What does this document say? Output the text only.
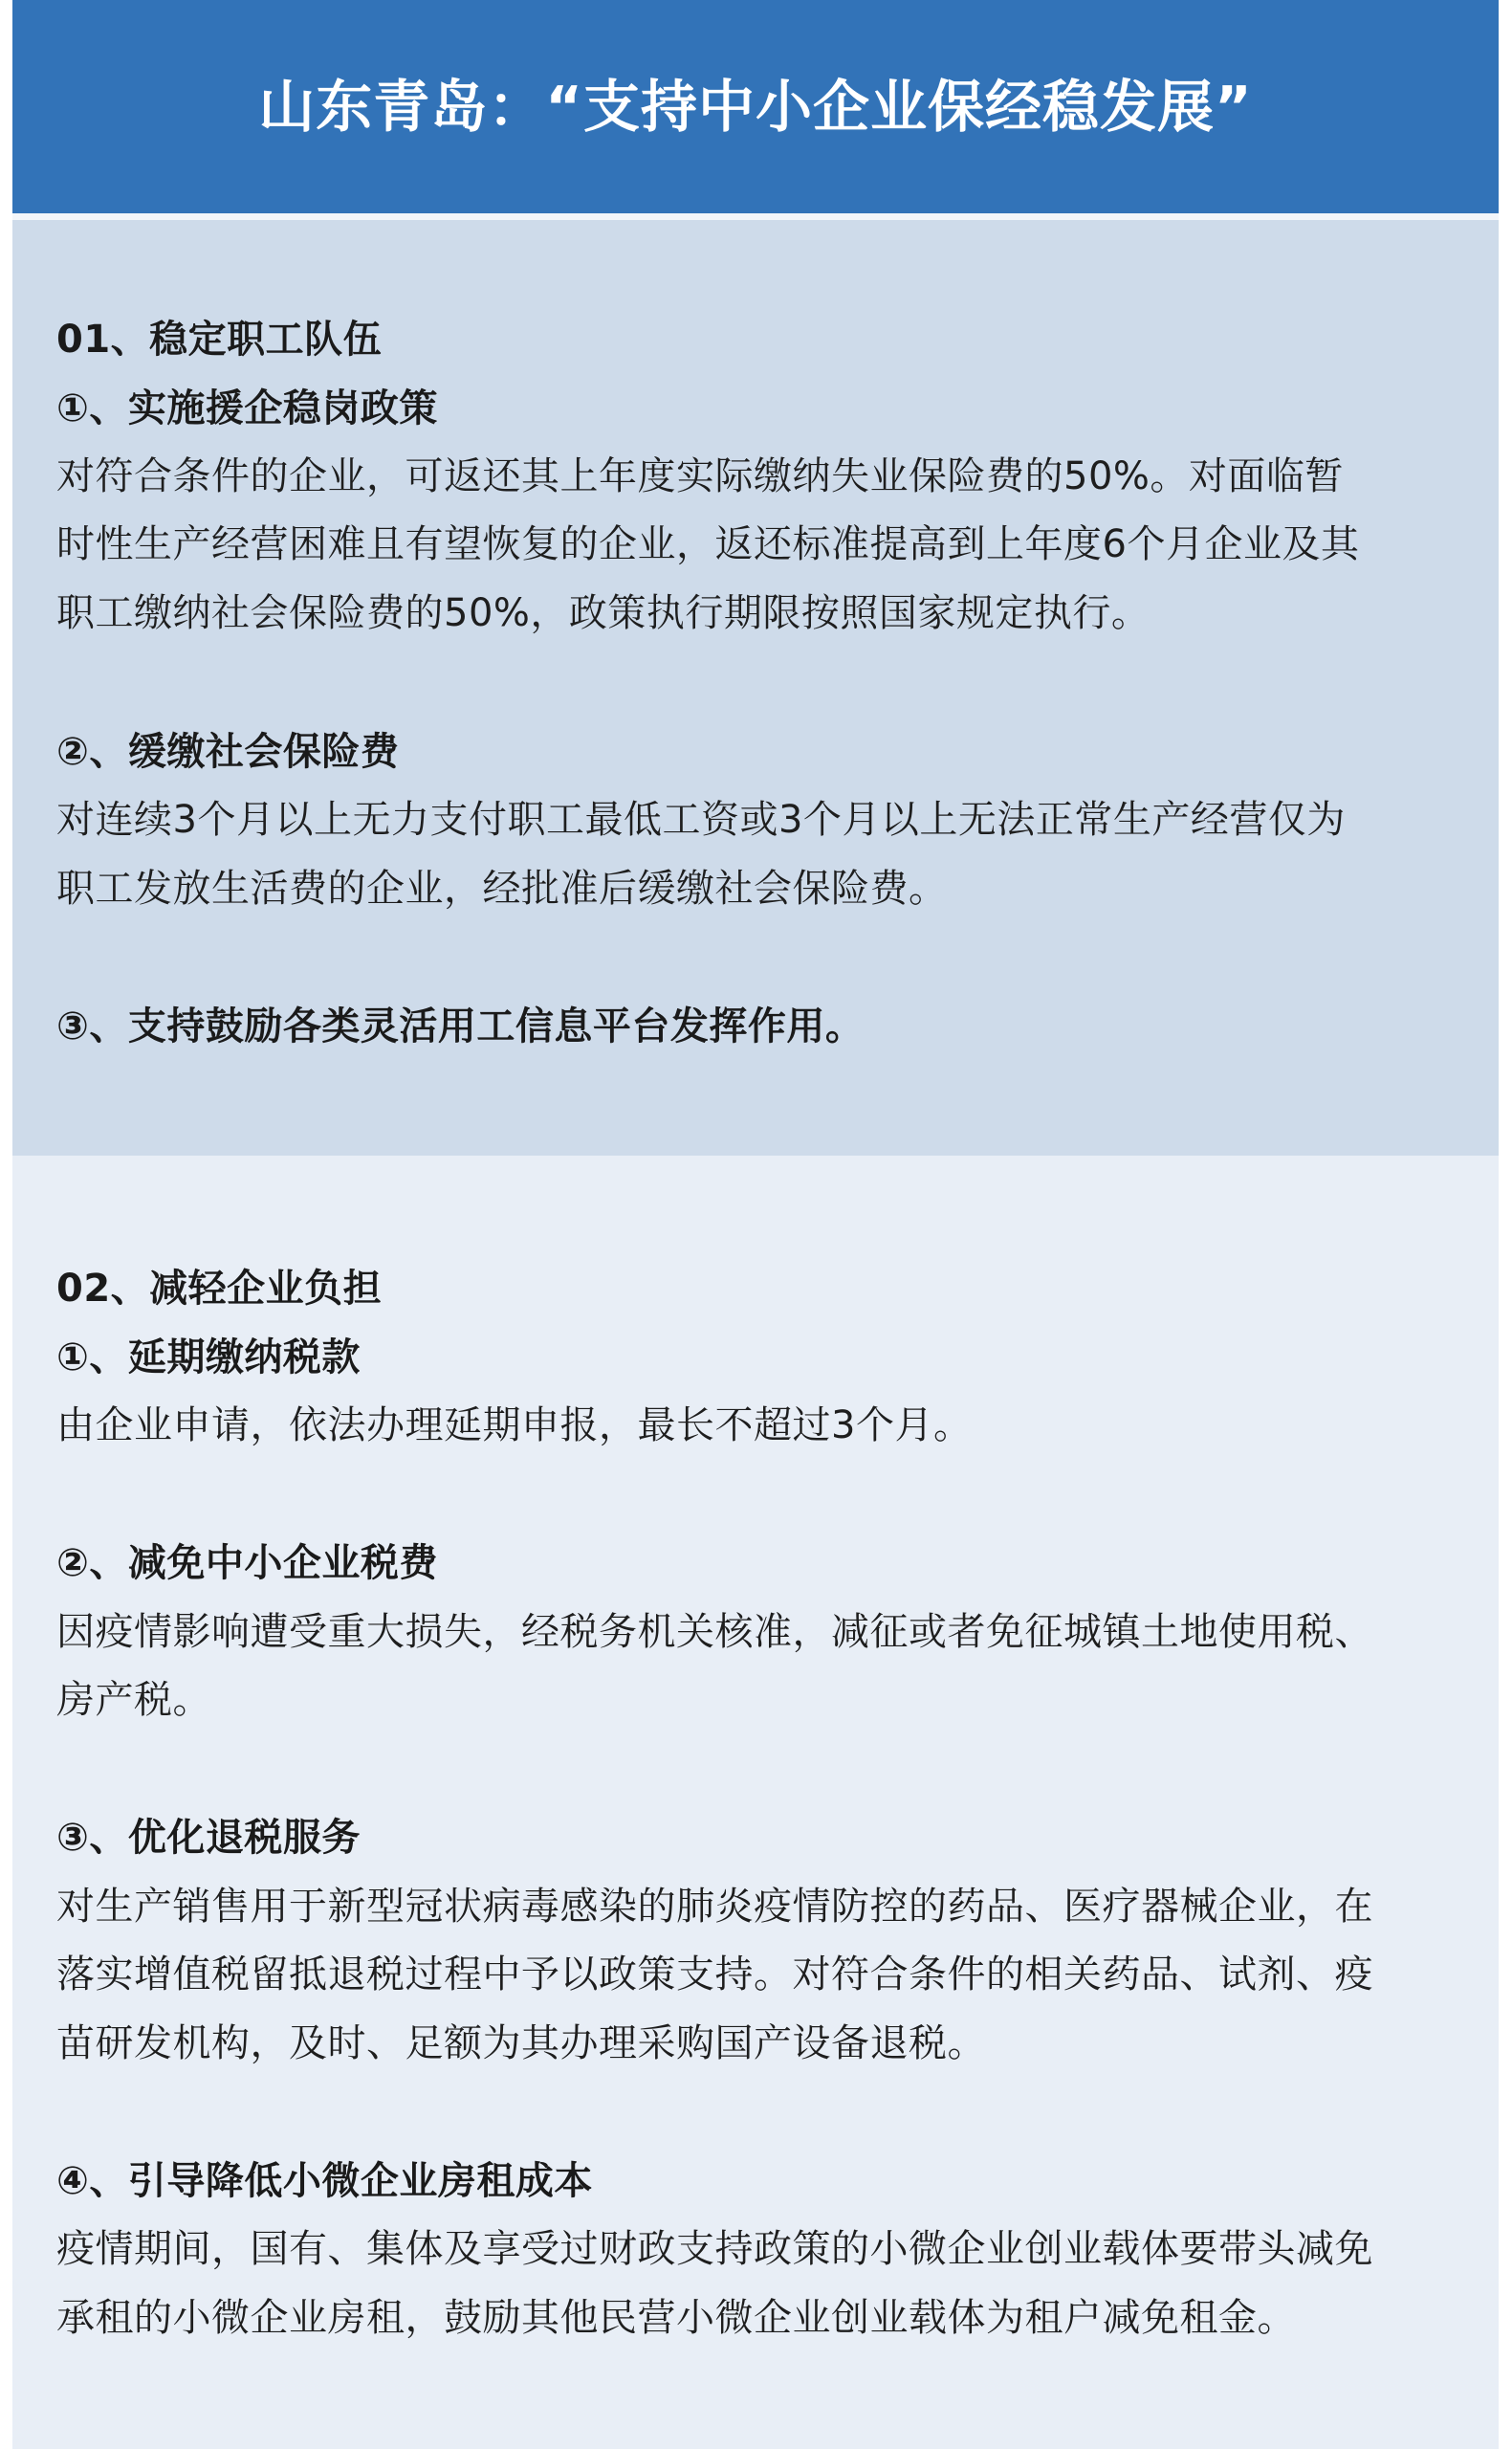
山东青岛：“支持中小企业保经稳发展”
01、稳定职工队伍
①、实施援企稳岗政策
对符合条件的企业，可返还其上年度实际缴纳失业保险费的50%。对面临暂
时性生产经营困难且有望恢复的企业，返还标准提高到上年度6个月企业及其
职工缴纳社会保险费的50%，政策执行期限按照国家规定执行。
②、缓缴社会保险费
对连续3个月以上无力支付职工最低工资或3个月以上无法正常生产经营仅为
职工发放生活费的企业，经批准后缓缴社会保险费。
③、支持鼓励各类灵活用工信息平台发挥作用。
02、减轻企业负担
①、延期缴纳税款
由企业申请，依法办理延期申报，最长不超过3个月。
②、减免中小企业税费
因疫情影响遭受重大损失，经税务机关核准，减征或者免征城镇土地使用税、
房产税。
③、优化退税服务
对生产销售用于新型冠状病毒感染的肺炎疫情防控的药品、医疗器械企业，在
落实增值税留抵退税过程中予以政策支持。对符合条件的相关药品、试剂、疫
苗研发机构，及时、足额为其办理采购国产设备退税。
④、引导降低小微企业房租成本
疫情期间，国有、集体及享受过财政支持政策的小微企业创业载体要带头减免
承租的小微企业房租，鼓励其他民营小微企业创业载体为租户减免租金。
